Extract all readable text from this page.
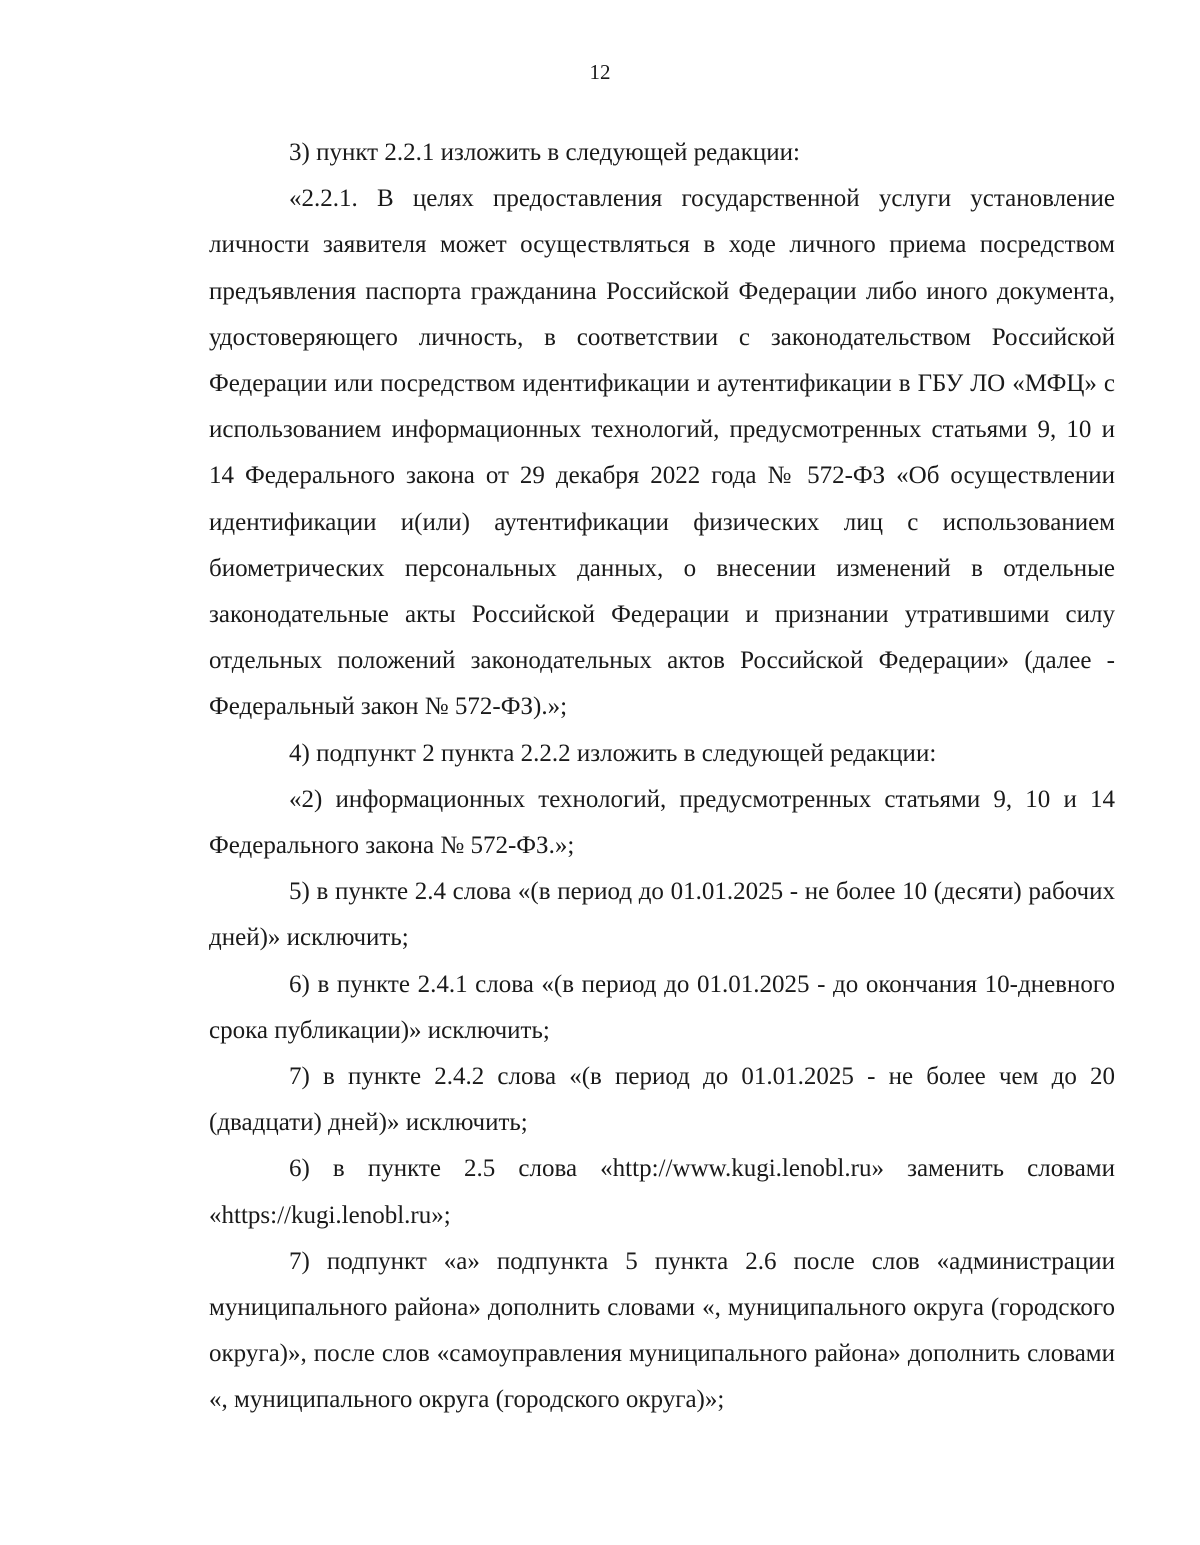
12

3) пункт 2.2.1 изложить в следующей редакции:

«2.2.1. В целях предоставления государственной услуги установление личности заявителя может осуществляться в ходе личного приема посредством предъявления паспорта гражданина Российской Федерации либо иного документа, удостоверяющего личность, в соответствии с законодательством Российской Федерации или посредством идентификации и аутентификации в ГБУ ЛО «МФЦ» с использованием информационных технологий, предусмотренных статьями 9, 10 и 14 Федерального закона от 29 декабря 2022 года № 572-ФЗ «Об осуществлении идентификации и(или) аутентификации физических лиц с использованием биометрических персональных данных, о внесении изменений в отдельные законодательные акты Российской Федерации и признании утратившими силу отдельных положений законодательных актов Российской Федерации» (далее - Федеральный закон № 572-ФЗ).»;

4) подпункт 2 пункта 2.2.2 изложить в следующей редакции:

«2) информационных технологий, предусмотренных статьями 9, 10 и 14 Федерального закона № 572-ФЗ.»;

5) в пункте 2.4 слова «(в период до 01.01.2025 - не более 10 (десяти) рабочих дней)» исключить;

6) в пункте 2.4.1 слова «(в период до 01.01.2025 - до окончания 10-дневного срока публикации)» исключить;

7) в пункте 2.4.2 слова «(в период до 01.01.2025 - не более чем до 20 (двадцати) дней)» исключить;

6) в пункте 2.5 слова «http://www.kugi.lenobl.ru» заменить словами «https://kugi.lenobl.ru»;

7) подпункт «а» подпункта 5 пункта 2.6 после слов «администрации муниципального района» дополнить словами «, муниципального округа (городского округа)», после слов «самоуправления муниципального района» дополнить словами «, муниципального округа (городского округа)»;
